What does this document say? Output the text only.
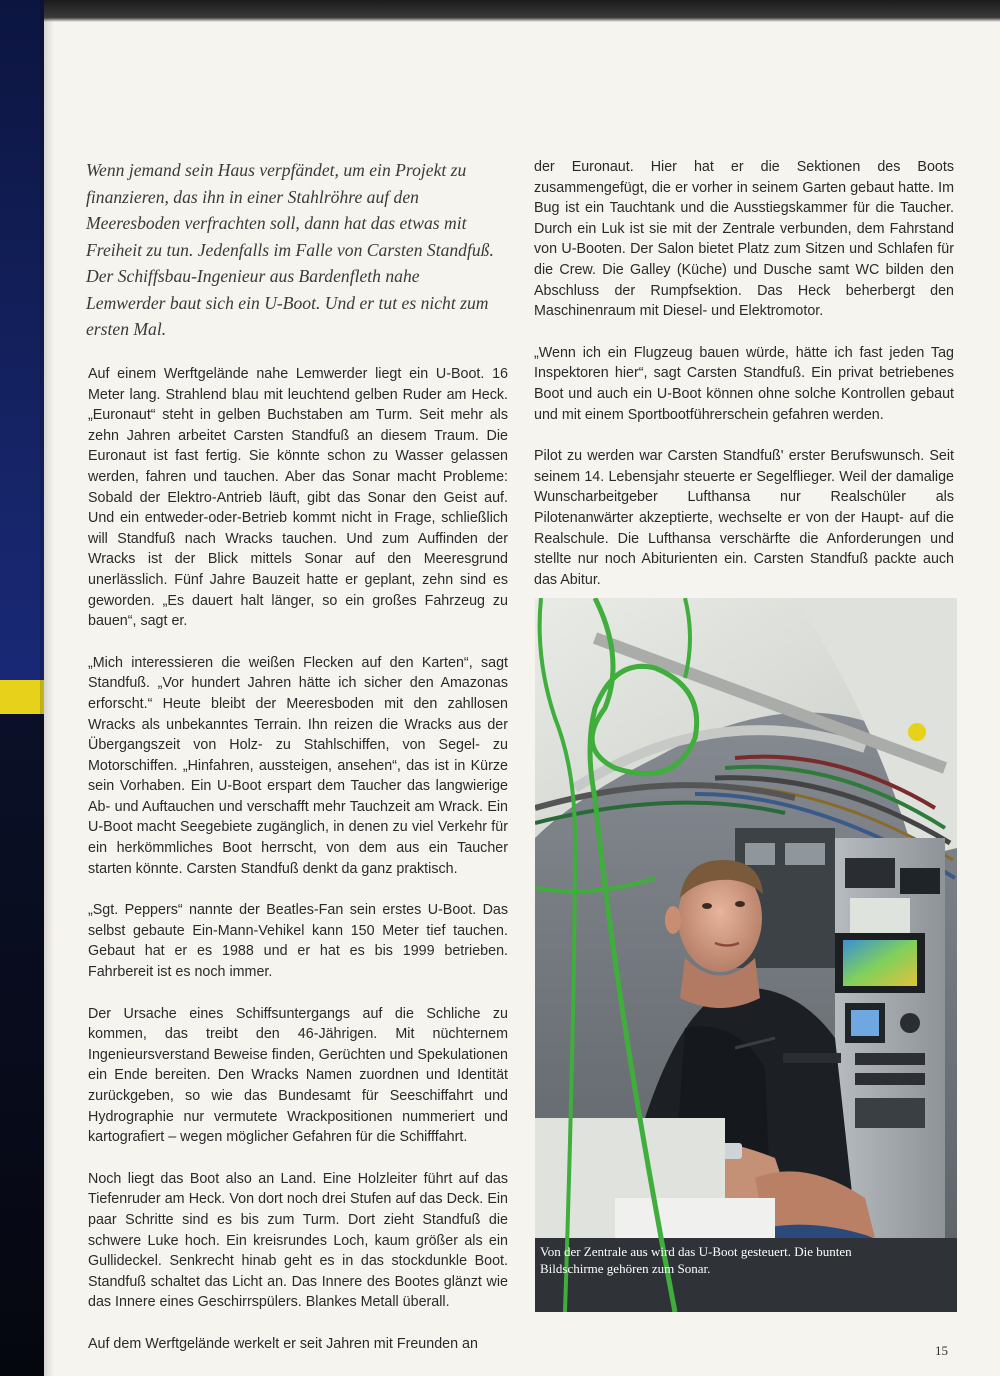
Wenn jemand sein Haus verpfändet, um ein Projekt zu finanzieren, das ihn in einer Stahlröhre auf den Meeresboden verfrachten soll, dann hat das etwas mit Freiheit zu tun. Jedenfalls im Falle von Carsten Standfuß. Der Schiffsbau-Ingenieur aus Bardenfleth nahe Lemwerder baut sich ein U-Boot. Und er tut es nicht zum ersten Mal.

Auf einem Werftgelände nahe Lemwerder liegt ein U-Boot. 16 Meter lang. Strahlend blau mit leuchtend gelben Ruder am Heck. „Euronaut“ steht in gelben Buchstaben am Turm. Seit mehr als zehn Jahren arbeitet Carsten Standfuß an diesem Traum. Die Euronaut ist fast fertig. Sie könnte schon zu Wasser gelassen werden, fahren und tauchen. Aber das Sonar macht Probleme: Sobald der Elektro-Antrieb läuft, gibt das Sonar den Geist auf. Und ein entweder-oder-Betrieb kommt nicht in Frage, schließlich will Standfuß nach Wracks tauchen. Und zum Auffinden der Wracks ist der Blick mittels Sonar auf den Meeresgrund unerlässlich. Fünf Jahre Bauzeit hatte er geplant, zehn sind es geworden. „Es dauert halt länger, so ein großes Fahrzeug zu bauen“, sagt er.

„Mich interessieren die weißen Flecken auf den Karten“, sagt Standfuß. „Vor hundert Jahren hätte ich sicher den Amazonas erforscht.“ Heute bleibt der Meeresboden mit den zahllosen Wracks als unbekanntes Terrain. Ihn reizen die Wracks aus der Übergangszeit von Holz- zu Stahlschiffen, von Segel- zu Motorschiffen. „Hinfahren, aussteigen, ansehen“, das ist in Kürze sein Vorhaben. Ein U-Boot erspart dem Taucher das langwierige Ab- und Auftauchen und verschafft mehr Tauchzeit am Wrack. Ein U-Boot macht Seegebiete zugänglich, in denen zu viel Verkehr für ein herkömmliches Boot herrscht, von dem aus ein Taucher starten könnte. Carsten Standfuß denkt da ganz praktisch.

„Sgt. Peppers“ nannte der Beatles-Fan sein erstes U-Boot. Das selbst gebaute Ein-Mann-Vehikel kann 150 Meter tief tauchen. Gebaut hat er es 1988 und er hat es bis 1999 betrieben. Fahrbereit ist es noch immer.

Der Ursache eines Schiffsuntergangs auf die Schliche zu kommen, das treibt den 46-Jährigen. Mit nüchternem Ingenieursverstand Beweise finden, Gerüchten und Spekulationen ein Ende bereiten. Den Wracks Namen zuordnen und Identität zurückgeben, so wie das Bundesamt für Seeschiffahrt und Hydrographie nur vermutete Wrackpositionen nummeriert und kartografiert – wegen möglicher Gefahren für die Schifffahrt.

Noch liegt das Boot also an Land. Eine Holzleiter führt auf das Tiefenruder am Heck. Von dort noch drei Stufen auf das Deck. Ein paar Schritte sind es bis zum Turm. Dort zieht Standfuß die schwere Luke hoch. Ein kreisrundes Loch, kaum größer als ein Gullideckel. Senkrecht hinab geht es in das stockdunkle Boot. Standfuß schaltet das Licht an. Das Innere des Bootes glänzt wie das Innere eines Geschirrspülers. Blankes Metall überall.

Auf dem Werftgelände werkelt er seit Jahren mit Freunden an

der Euronaut. Hier hat er die Sektionen des Boots zusammengefügt, die er vorher in seinem Garten gebaut hatte. Im Bug ist ein Tauchtank und die Ausstiegskammer für die Taucher. Durch ein Luk ist sie mit der Zentrale verbunden, dem Fahrstand von U-Booten. Der Salon bietet Platz zum Sitzen und Schlafen für die Crew. Die Galley (Küche) und Dusche samt WC bilden den Abschluss der Rumpfsektion. Das Heck beherbergt den Maschinenraum mit Diesel- und Elektromotor.

„Wenn ich ein Flugzeug bauen würde, hätte ich fast jeden Tag Inspektoren hier“, sagt Carsten Standfuß. Ein privat betriebenes Boot und auch ein U-Boot können ohne solche Kontrollen gebaut und mit einem Sportbootführerschein gefahren werden.

Pilot zu werden war Carsten Standfuß' erster Berufswunsch. Seit seinem 14. Lebensjahr steuerte er Segelflieger. Weil der damalige Wunscharbeitgeber Lufthansa nur Realschüler als Pilotenanwärter akzeptierte, wechselte er von der Haupt- auf die Realschule. Die Lufthansa verschärfte die Anforderungen und stellte nur noch Abiturienten ein. Carsten Standfuß packte auch das Abitur.

Von der Zentrale aus wird das U-Boot gesteuert. Die bunten Bildschirme gehören zum Sonar.
15
